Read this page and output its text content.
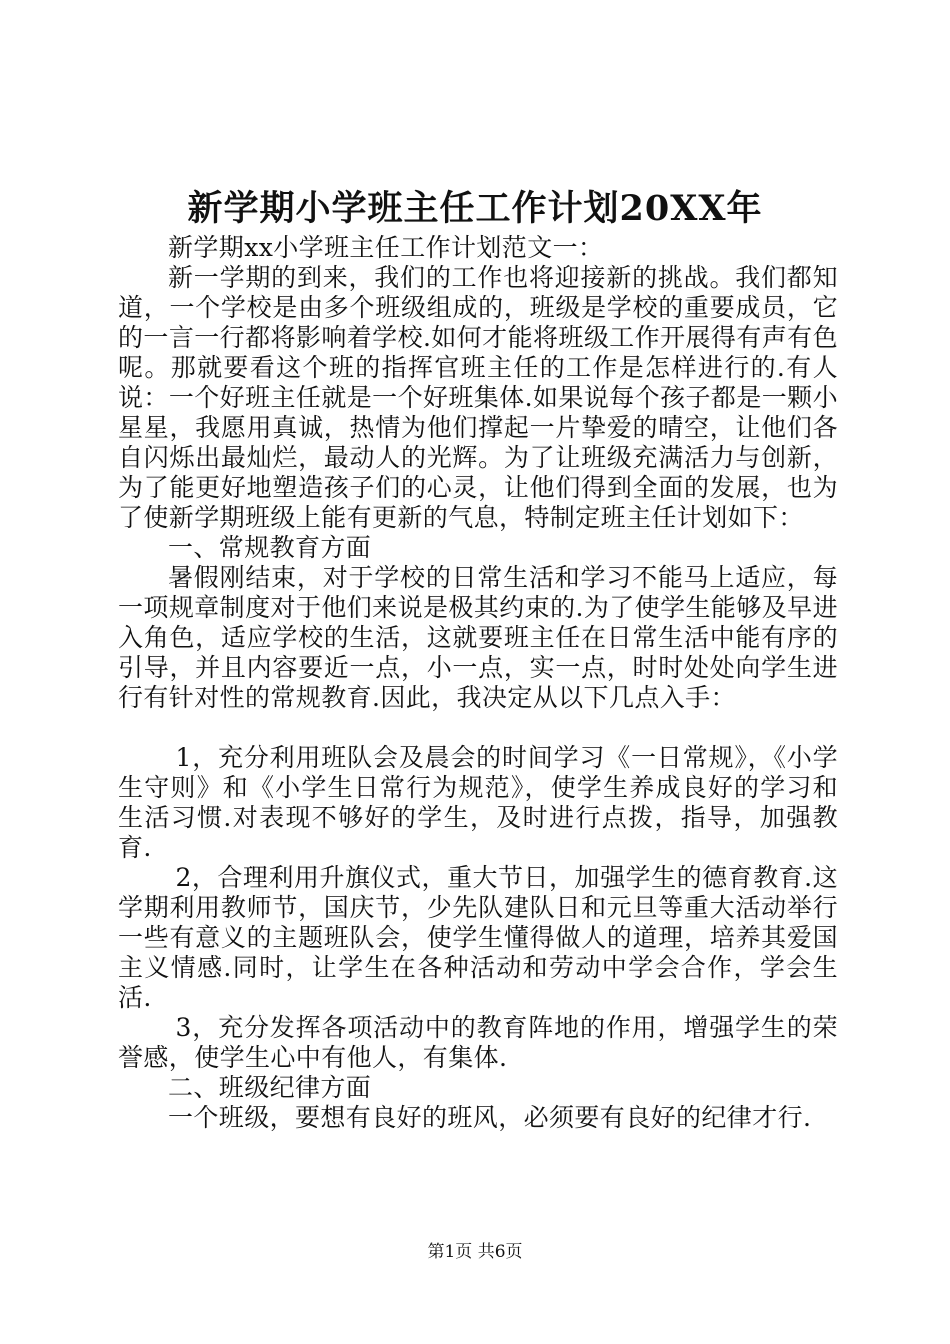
新学期小学班主任工作计划20XX年

新学期xx小学班主任工作计划范文一：

新一学期的到来，我们的工作也将迎接新的挑战。我们都知道，一个学校是由多个班级组成的，班级是学校的重要成员，它的一言一行都将影响着学校.如何才能将班级工作开展得有声有色呢。那就要看这个班的指挥官班主任的工作是怎样进行的.有人说：一个好班主任就是一个好班集体.如果说每个孩子都是一颗小星星，我愿用真诚，热情为他们撑起一片挚爱的晴空，让他们各自闪烁出最灿烂，最动人的光辉。为了让班级充满活力与创新，为了能更好地塑造孩子们的心灵，让他们得到全面的发展，也为了使新学期班级上能有更新的气息，特制定班主任计划如下：

一、常规教育方面

暑假刚结束，对于学校的日常生活和学习不能马上适应，每一项规章制度对于他们来说是极其约束的.为了使学生能够及早进入角色，适应学校的生活，这就要班主任在日常生活中能有序的引导，并且内容要近一点，小一点，实一点，时时处处向学生进行有针对性的常规教育.因此，我决定从以下几点入手：

1，充分利用班队会及晨会的时间学习《一日常规》，《小学生守则》和《小学生日常行为规范》，使学生养成良好的学习和生活习惯.对表现不够好的学生，及时进行点拨，指导，加强教育.

2，合理利用升旗仪式，重大节日，加强学生的德育教育.这学期利用教师节，国庆节，少先队建队日和元旦等重大活动举行一些有意义的主题班队会，使学生懂得做人的道理，培养其爱国主义情感.同时，让学生在各种活动和劳动中学会合作，学会生活.

3，充分发挥各项活动中的教育阵地的作用，增强学生的荣誉感，使学生心中有他人，有集体.

二、班级纪律方面

一个班级，要想有良好的班风，必须要有良好的纪律才行.

第1页 共6页
